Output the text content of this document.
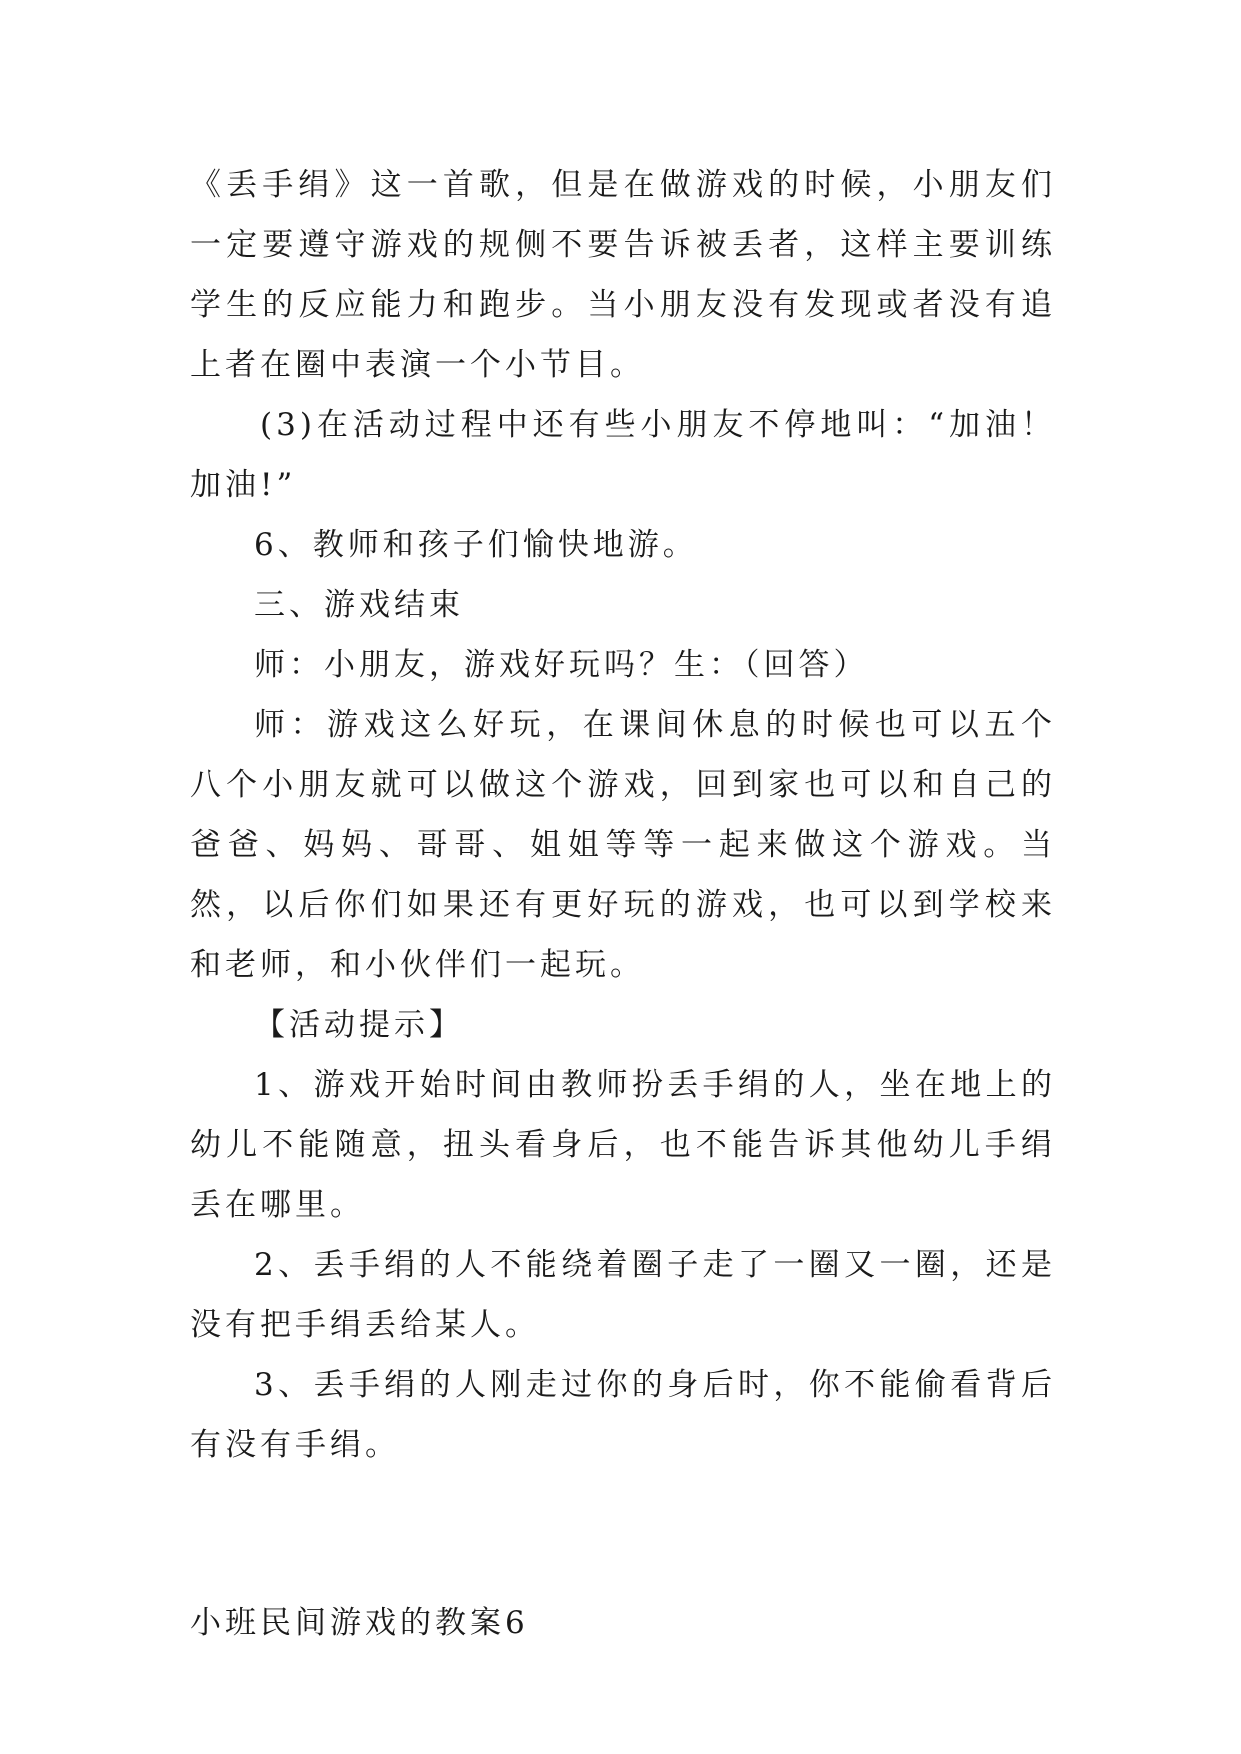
《丢手绢》这一首歌，但是在做游戏的时候，小朋友们一定要遵守游戏的规侧不要告诉被丢者，这样主要训练学生的反应能力和跑步。当小朋友没有发现或者没有追上者在圈中表演一个小节目。

(3)在活动过程中还有些小朋友不停地叫：“加油！加油!”

6、教师和孩子们愉快地游。

三、游戏结束

师：小朋友，游戏好玩吗？生：（回答）

师：游戏这么好玩，在课间休息的时候也可以五个八个小朋友就可以做这个游戏，回到家也可以和自己的爸爸、妈妈、哥哥、姐姐等等一起来做这个游戏。当然，以后你们如果还有更好玩的游戏，也可以到学校来和老师，和小伙伴们一起玩。

【活动提示】

1、游戏开始时间由教师扮丢手绢的人，坐在地上的幼儿不能随意，扭头看身后，也不能告诉其他幼儿手绢丢在哪里。

2、丢手绢的人不能绕着圈子走了一圈又一圈，还是没有把手绢丢给某人。

3、丢手绢的人刚走过你的身后时，你不能偷看背后有没有手绢。

小班民间游戏的教案6
